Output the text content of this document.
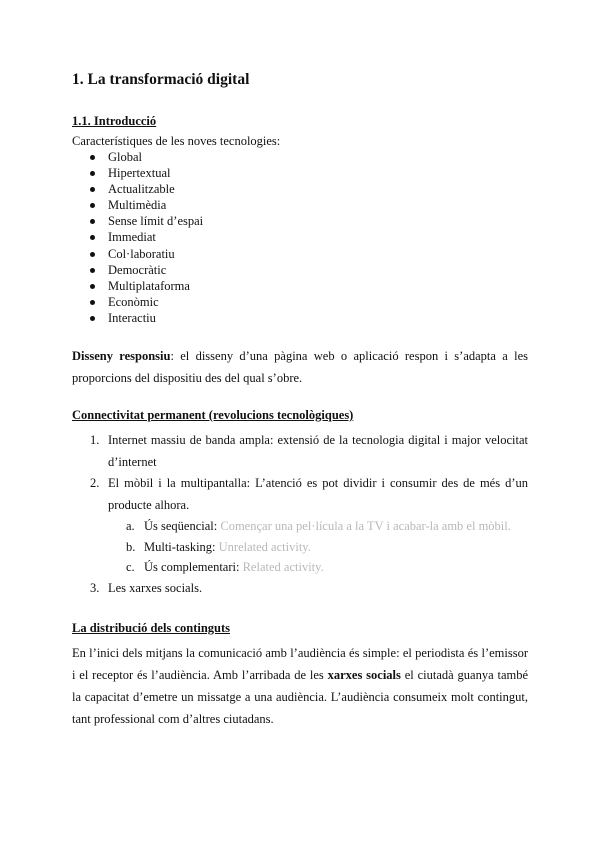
1. La transformació digital
1.1. Introducció
Característiques de les noves tecnologies:
Global
Hipertextual
Actualitzable
Multimèdia
Sense límit d’espai
Immediat
Col·laboratiu
Democràtic
Multiplataforma
Econòmic
Interactiu

Disseny responsiu: el disseny d’una pàgina web o aplicació respon i s’adapta a les proporcions del dispositiu des del qual s’obre.

Connectivitat permanent (revolucions tecnològiques)
1. Internet massiu de banda ampla: extensió de la tecnologia digital i major velocitat d’internet
2. El mòbil i la multipantalla: L’atenció es pot dividir i consumir des de més d’un producte alhora.
a. Ús seqüencial: Començar una pel·lícula a la TV i acabar-la amb el mòbil.
b. Multi-tasking: Unrelated activity.
c. Ús complementari: Related activity.
3. Les xarxes socials.
La distribució dels continguts

En l’inici dels mitjans la comunicació amb l’audiència és simple: el periodista és l’emissor i el receptor és l’audiència. Amb l’arribada de les xarxes socials el ciutadà guanya també la capacitat d’emetre un missatge a una audiència. L’audiència consumeix molt contingut, tant professional com d’altres ciutadans.
